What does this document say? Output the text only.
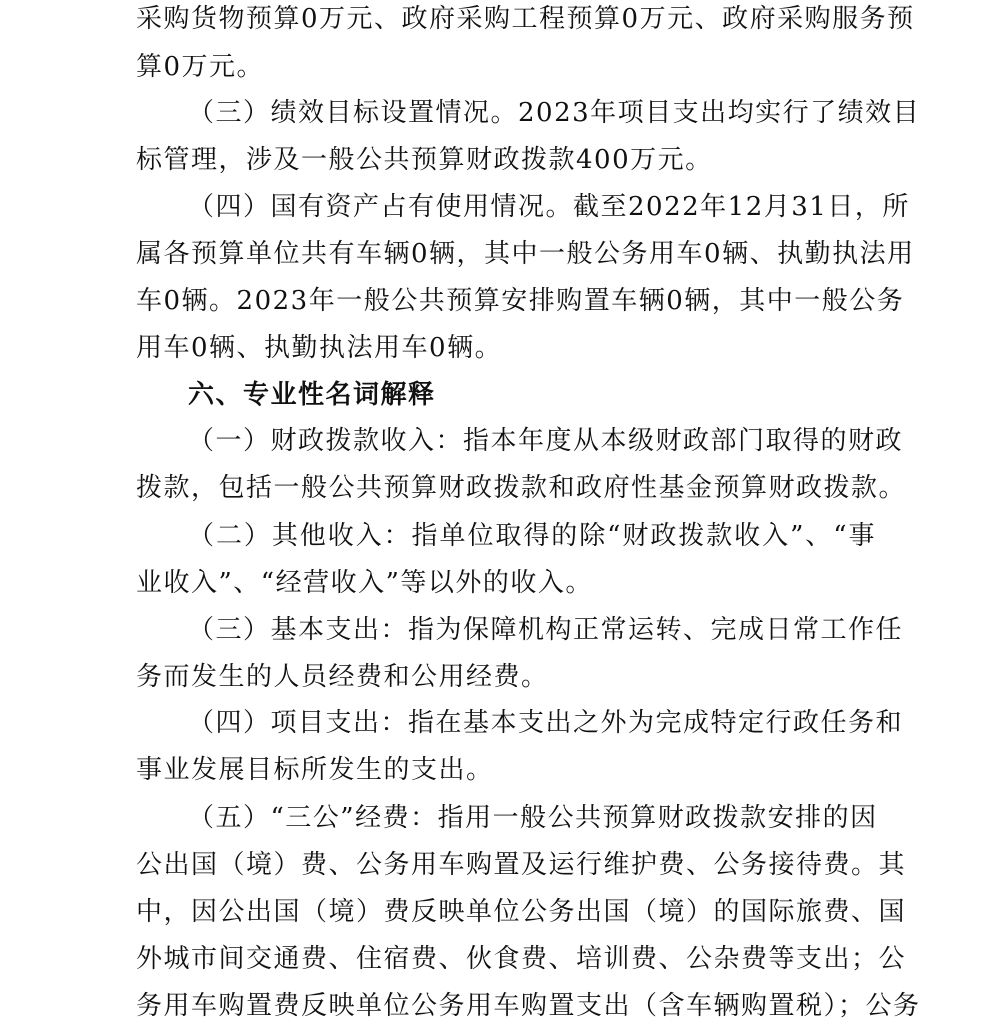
采购货物预算0万元、政府采购工程预算0万元、政府采购服务预
算0万元。
（三）绩效目标设置情况。2023年项目支出均实行了绩效目
标管理，涉及一般公共预算财政拨款400万元。
（四）国有资产占有使用情况。截至2022年12月31日，所
属各预算单位共有车辆0辆，其中一般公务用车0辆、执勤执法用
车0辆。2023年一般公共预算安排购置车辆0辆，其中一般公务
用车0辆、执勤执法用车0辆。
六、专业性名词解释
（一）财政拨款收入：指本年度从本级财政部门取得的财政
拨款，包括一般公共预算财政拨款和政府性基金预算财政拨款。
（二）其他收入：指单位取得的除“财政拨款收入”、“事
业收入”、“经营收入”等以外的收入。
（三）基本支出：指为保障机构正常运转、完成日常工作任
务而发生的人员经费和公用经费。
（四）项目支出：指在基本支出之外为完成特定行政任务和
事业发展目标所发生的支出。
（五）“三公”经费：指用一般公共预算财政拨款安排的因
公出国（境）费、公务用车购置及运行维护费、公务接待费。其
中，因公出国（境）费反映单位公务出国（境）的国际旅费、国
外城市间交通费、住宿费、伙食费、培训费、公杂费等支出；公
务用车购置费反映单位公务用车购置支出（含车辆购置税）；公务
